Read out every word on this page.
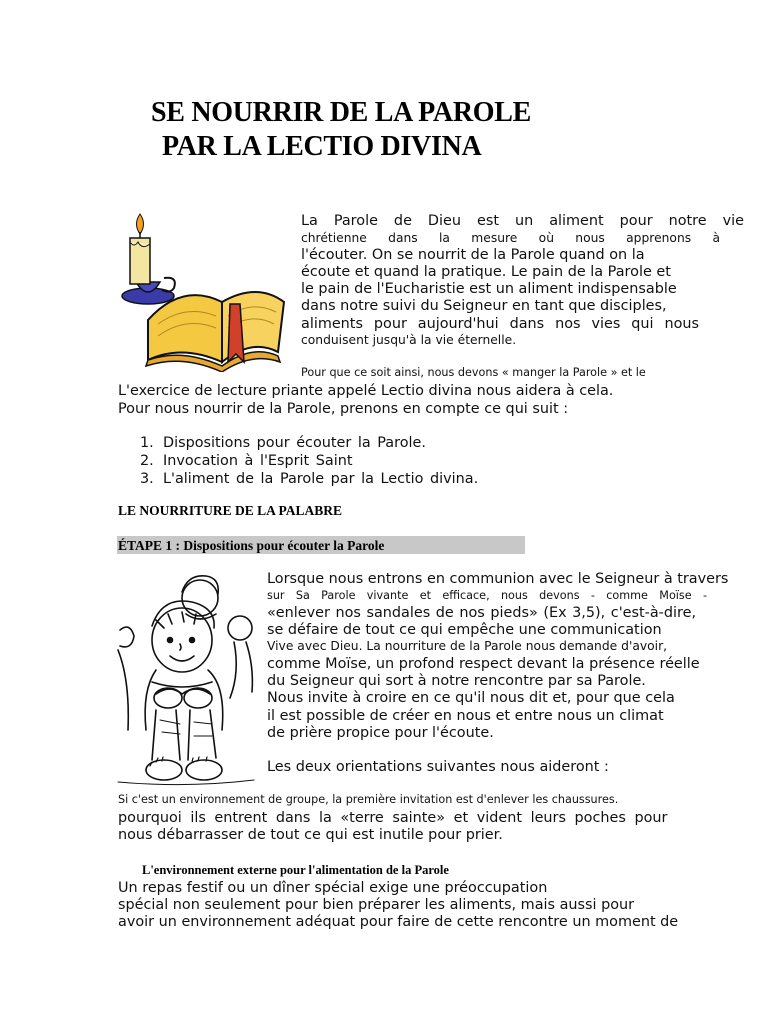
SE NOURRIR DE LA PAROLE
PAR LA LECTIO DIVINA
La Parole de Dieu est un aliment pour notre vie
chrétienne dans la mesure où nous apprenons à
l'écouter. On se nourrit de la Parole quand on la
écoute et quand la pratique. Le pain de la Parole et
le pain de l'Eucharistie est un aliment indispensable
dans notre suivi du Seigneur en tant que disciples,
aliments pour aujourd'hui dans nos vies qui nous
conduisent jusqu'à la vie éternelle.
Pour que ce soit ainsi, nous devons « manger la Parole » et le
L'exercice de lecture priante appelé Lectio divina nous aidera à cela.
Pour nous nourrir de la Parole, prenons en compte ce qui suit :
1. Dispositions pour écouter la Parole.
2. Invocation à l'Esprit Saint
3. L'aliment de la Parole par la Lectio divina.
LE NOURRITURE DE LA PALABRE
ÉTAPE 1 : Dispositions pour écouter la Parole
Lorsque nous entrons en communion avec le Seigneur à travers
sur Sa Parole vivante et efficace, nous devons - comme Moïse -
«enlever nos sandales de nos pieds» (Ex 3,5), c'est-à-dire,
se défaire de tout ce qui empêche une communication
Vive avec Dieu. La nourriture de la Parole nous demande d'avoir,
comme Moïse, un profond respect devant la présence réelle
du Seigneur qui sort à notre rencontre par sa Parole.
Nous invite à croire en ce qu'il nous dit et, pour que cela
il est possible de créer en nous et entre nous un climat
de prière propice pour l'écoute.
Les deux orientations suivantes nous aideront :
Si c'est un environnement de groupe, la première invitation est d'enlever les chaussures.
pourquoi ils entrent dans la «terre sainte» et vident leurs poches pour
nous débarrasser de tout ce qui est inutile pour prier.
L'environnement externe pour l'alimentation de la Parole
Un repas festif ou un dîner spécial exige une préoccupation
spécial non seulement pour bien préparer les aliments, mais aussi pour
avoir un environnement adéquat pour faire de cette rencontre un moment de
